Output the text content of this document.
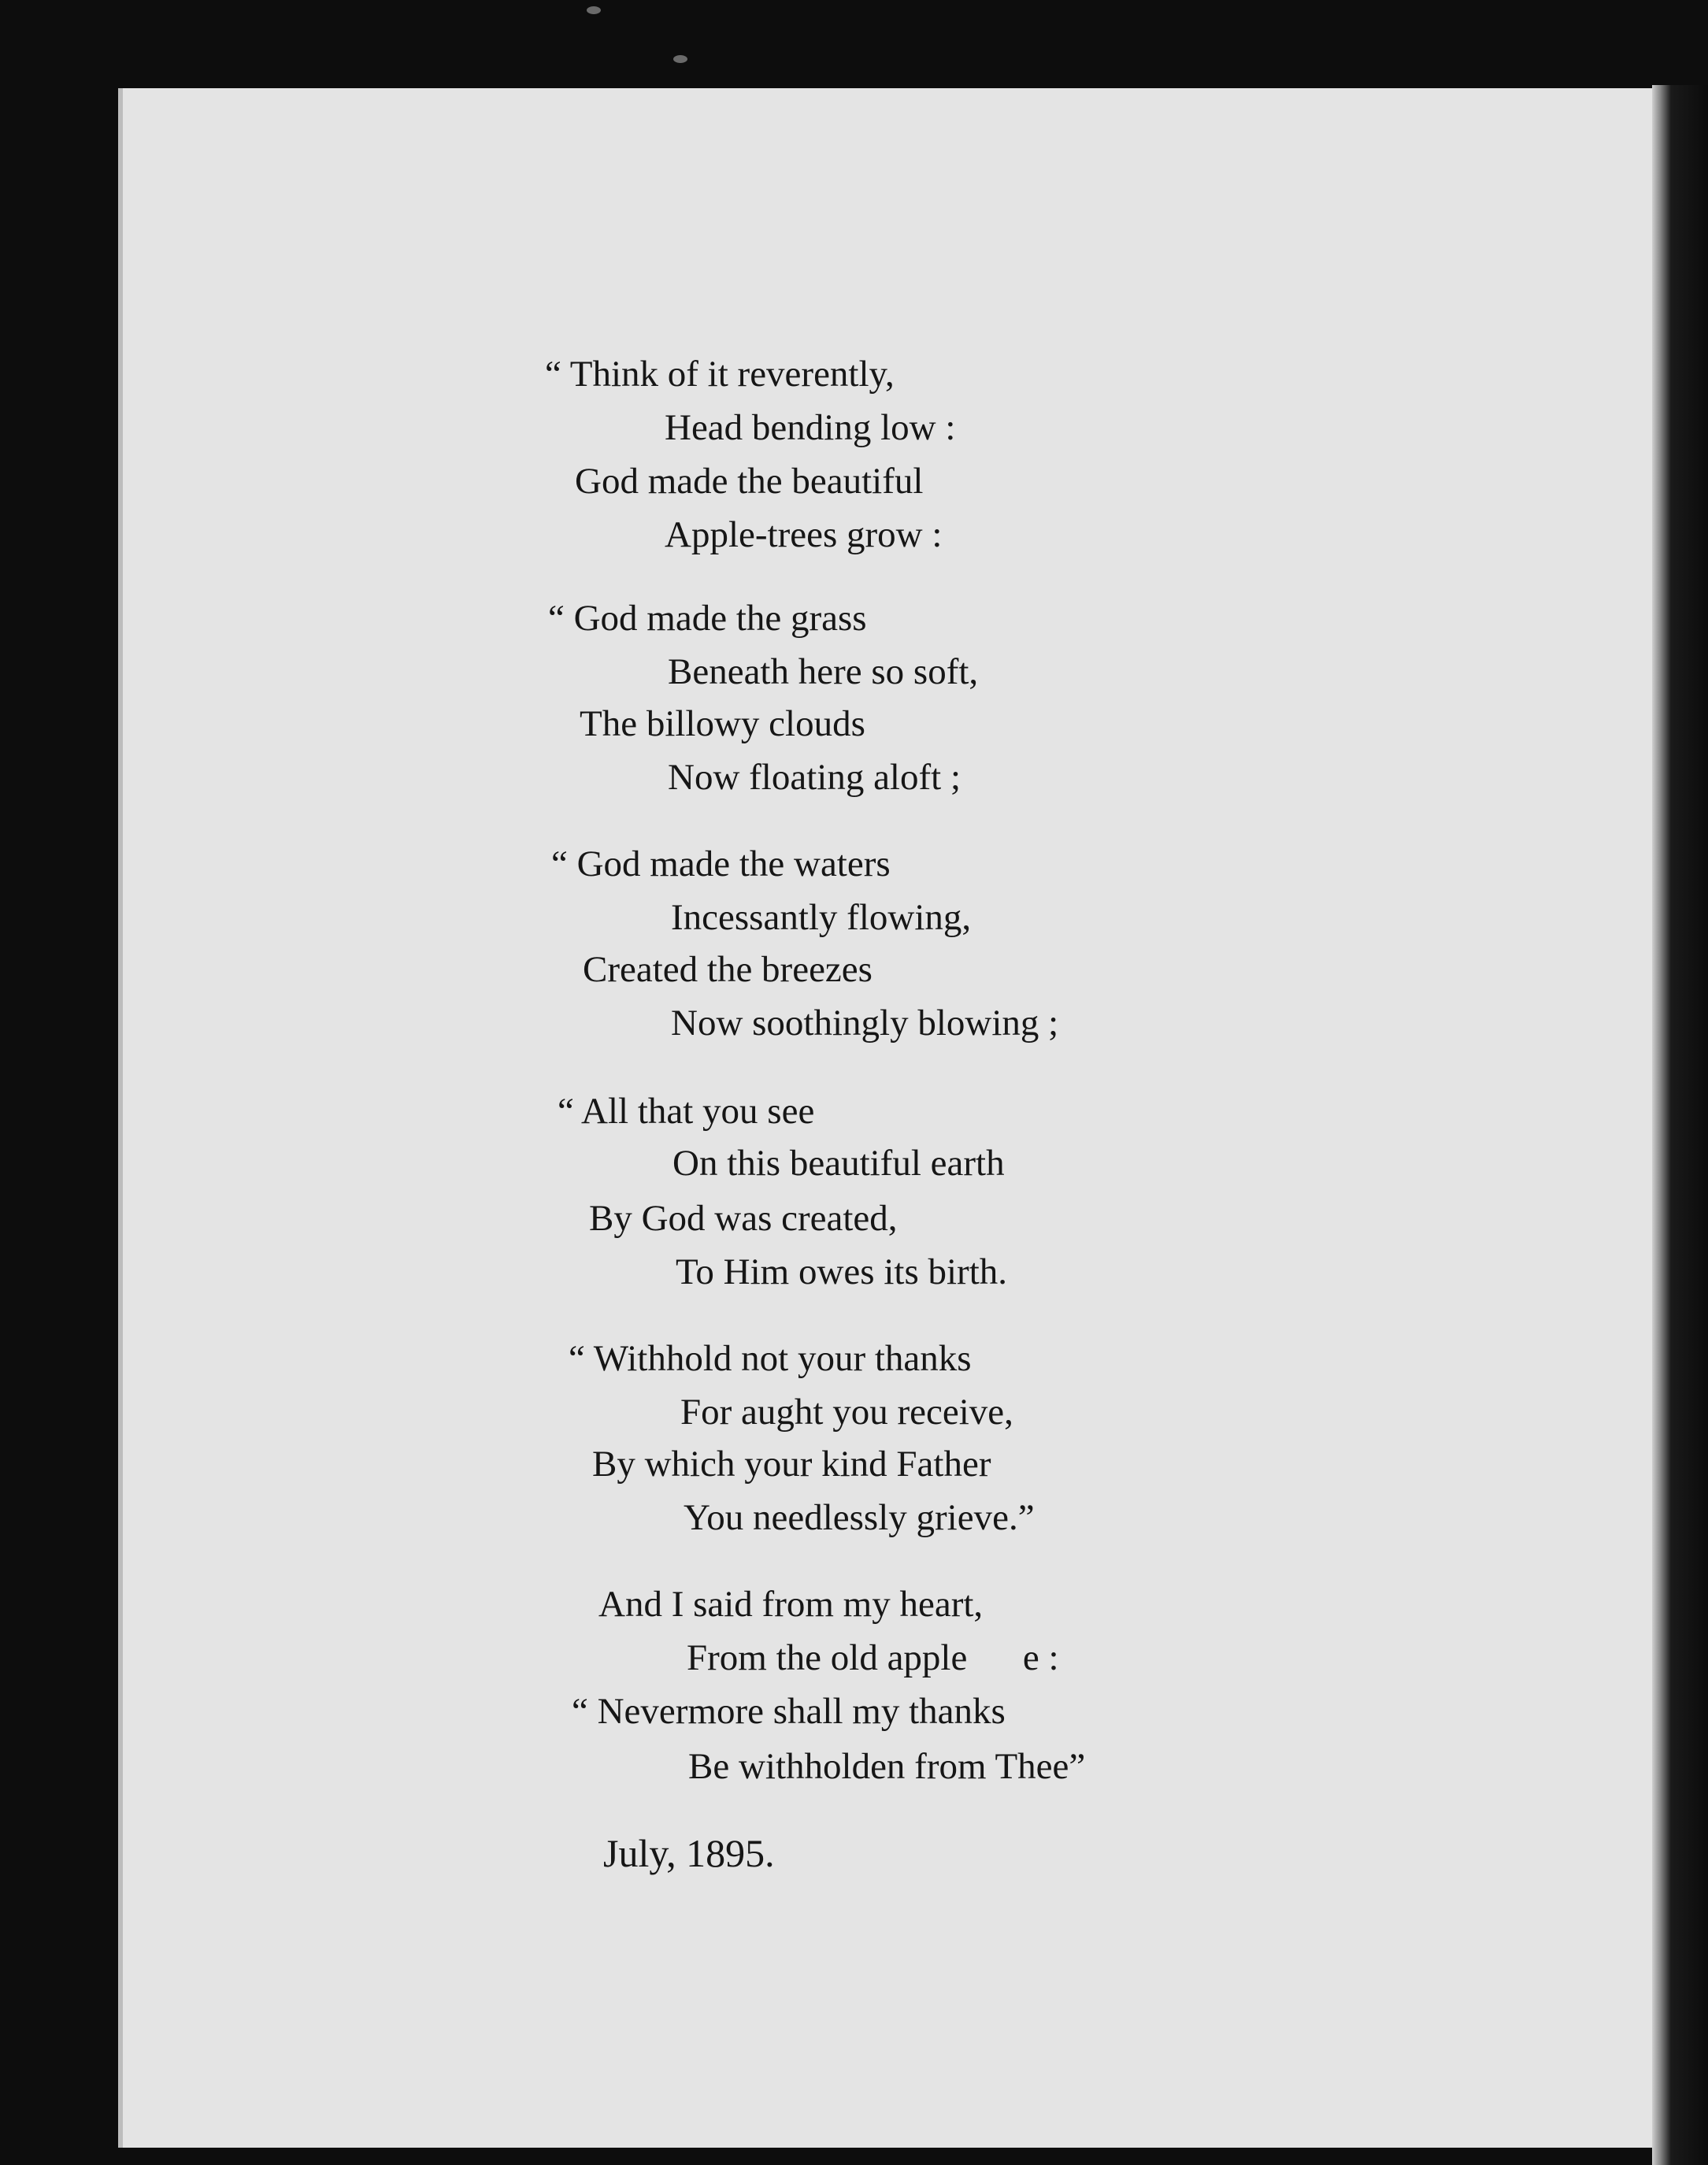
“ Think of it reverently,
Head bending low :
God made the beautiful
Apple-trees grow :
“ God made the grass
Beneath here so soft,
The billowy clouds
Now floating aloft ;
“ God made the waters
Incessantly flowing,
Created the breezes
Now soothingly blowing ;
“ All that you see
On this beautiful earth
By God was created,
To Him owes its birth.
“ Withhold not your thanks
For aught you receive,
By which your kind Father
You needlessly grieve.”
And I said from my heart,
From the old apple      e :
“ Nevermore shall my thanks
Be withholden from Thee”
July, 1895.
